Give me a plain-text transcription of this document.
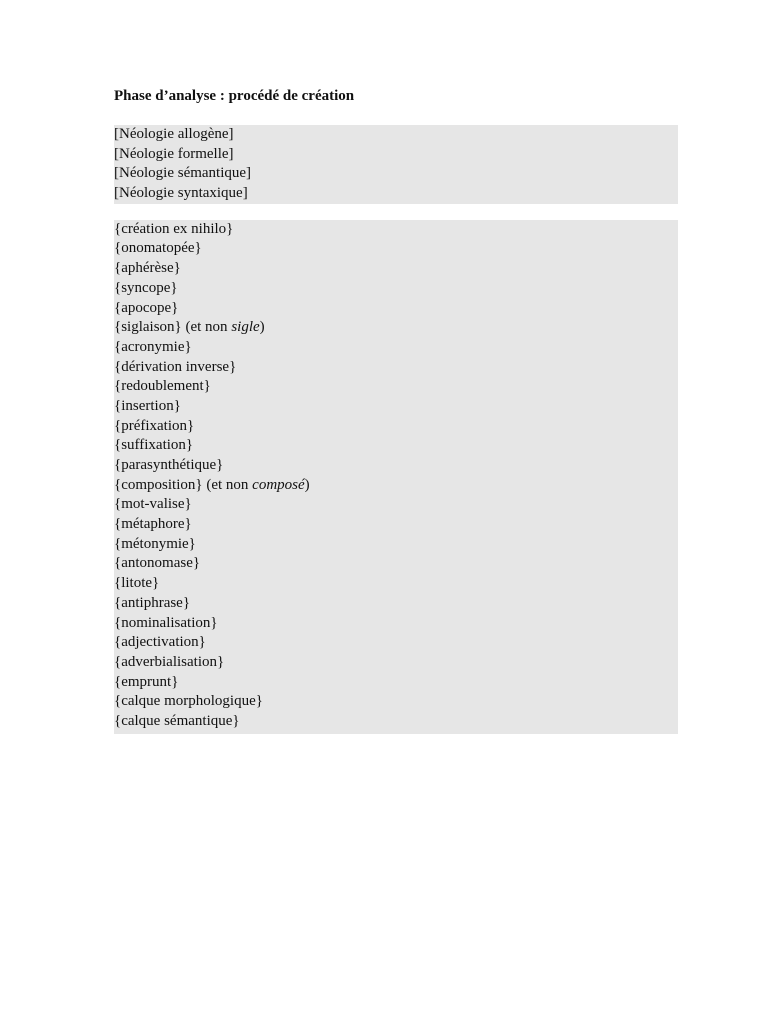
Phase d’analyse : procédé de création
[Néologie allogène]
[Néologie formelle]
[Néologie sémantique]
[Néologie syntaxique]
{création ex nihilo}
{onomatopée}
{aphérèse}
{syncope}
{apocope}
{siglaison} (et non sigle)
{acronymie}
{dérivation inverse}
{redoublement}
{insertion}
{préfixation}
{suffixation}
{parasynthétique}
{composition} (et non composé)
{mot-valise}
{métaphore}
{métonymie}
{antonomase}
{litote}
{antiphrase}
{nominalisation}
{adjectivation}
{adverbialisation}
{emprunt}
{calque morphologique}
{calque sémantique}
